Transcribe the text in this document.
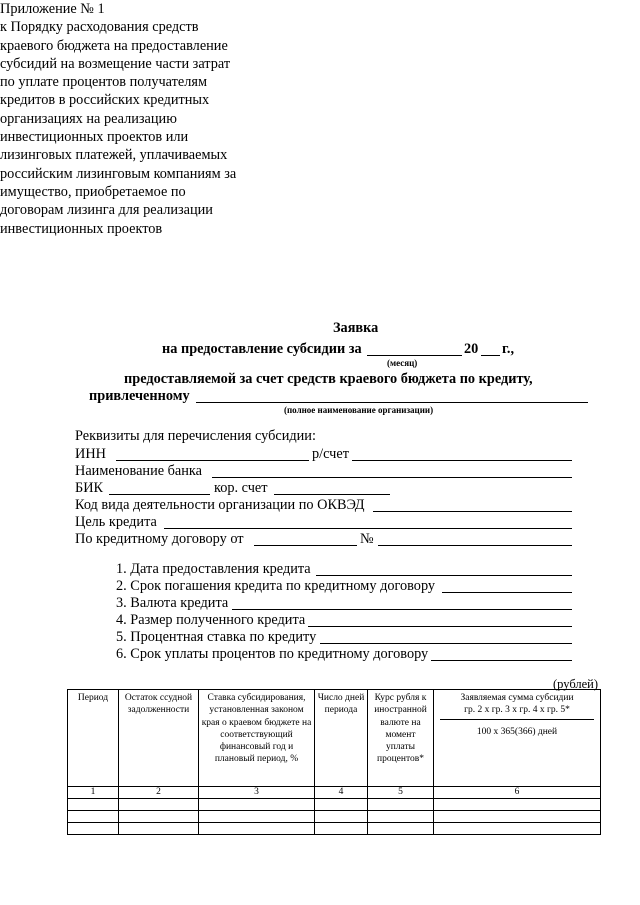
Приложение № 1
к Порядку расходования средств
краевого бюджета на предоставление
субсидий на возмещение части затрат
по уплате процентов получателям
кредитов в российских кредитных
организациях на реализацию
инвестиционных проектов или
лизинговых платежей, уплачиваемых
российским лизинговым компаниям за
имущество, приобретаемое по
договорам лизинга для реализации
инвестиционных проектов
Заявка
на предоставление субсидии за	20 г.,
(месяц)
предоставляемой за счет средств краевого бюджета по кредиту,
привлеченному
(полное наименование организации)
Реквизиты для перечисления субсидии:
ИНН	р/счет
Наименование банка
БИК	кор. счет
Код вида деятельности организации по ОКВЭД
Цель кредита
По кредитному договору от	№
1. Дата предоставления кредита
2. Срок погашения кредита по кредитному договору
3. Валюта кредита
4. Размер полученного кредита
5. Процентная ставка по кредиту
6. Срок уплаты процентов по кредитному договору
(рублей)
Период	Остаток ссудной задолженности	Ставка субсидирования, установленная законом края о краевом бюджете на соответствующий финансовый год и плановый период, %	Число дней периода	Курс рубля к иностранной валюте на момент уплаты процентов*	Заявляемая сумма субсидии
гр. 2 х гр. 3 х гр. 4 х гр. 5*
100 х 365(366) дней

1	2	3	4	5	6
